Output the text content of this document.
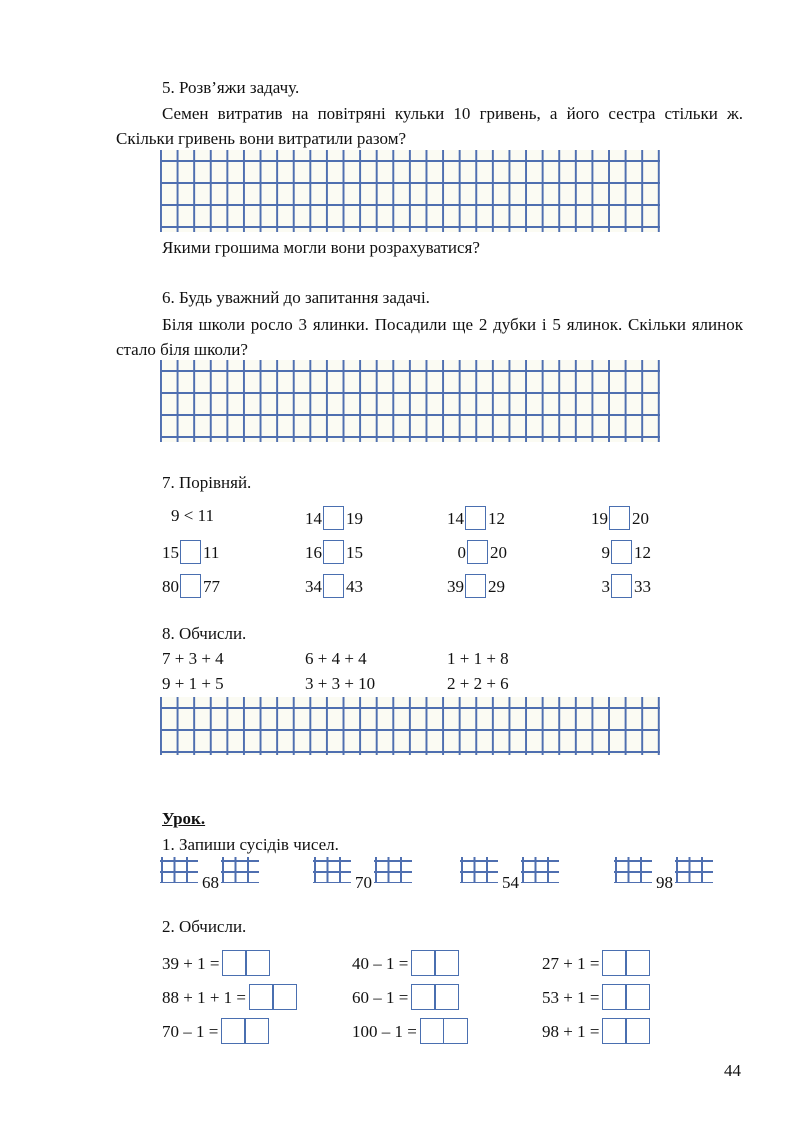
5. Розв’яжи задачу.
Семен витратив на повітряні кульки 10 гривень, а його сестра стільки ж. Скільки гривень вони витратили разом?
Якими грошима могли вони розрахуватися?
6. Будь уважний до запитання задачі.
Біля школи росло 3 ялинки. Посадили ще 2 дубки і 5 ялинок. Скільки ялинок стало біля школи?
7. Порівняй.
9 < 11	14 19	14 12	19 20
15 11	16 15	0 20	9 12
80 77	34 43	39 29	3 33
8. Обчисли.
7 + 3 + 4	6 + 4 + 4	1 + 1 + 8
9 + 1 + 5	3 + 3 + 10	2 + 2 + 6
Урок.
1. Запиши сусідів чисел.
68	70	54	98
2. Обчисли.
39 + 1 =	40 – 1 =	27 + 1 =
88 + 1 + 1 =	60 – 1 =	53 + 1 =
70 – 1 =	100 – 1 =	98 + 1 =
44
